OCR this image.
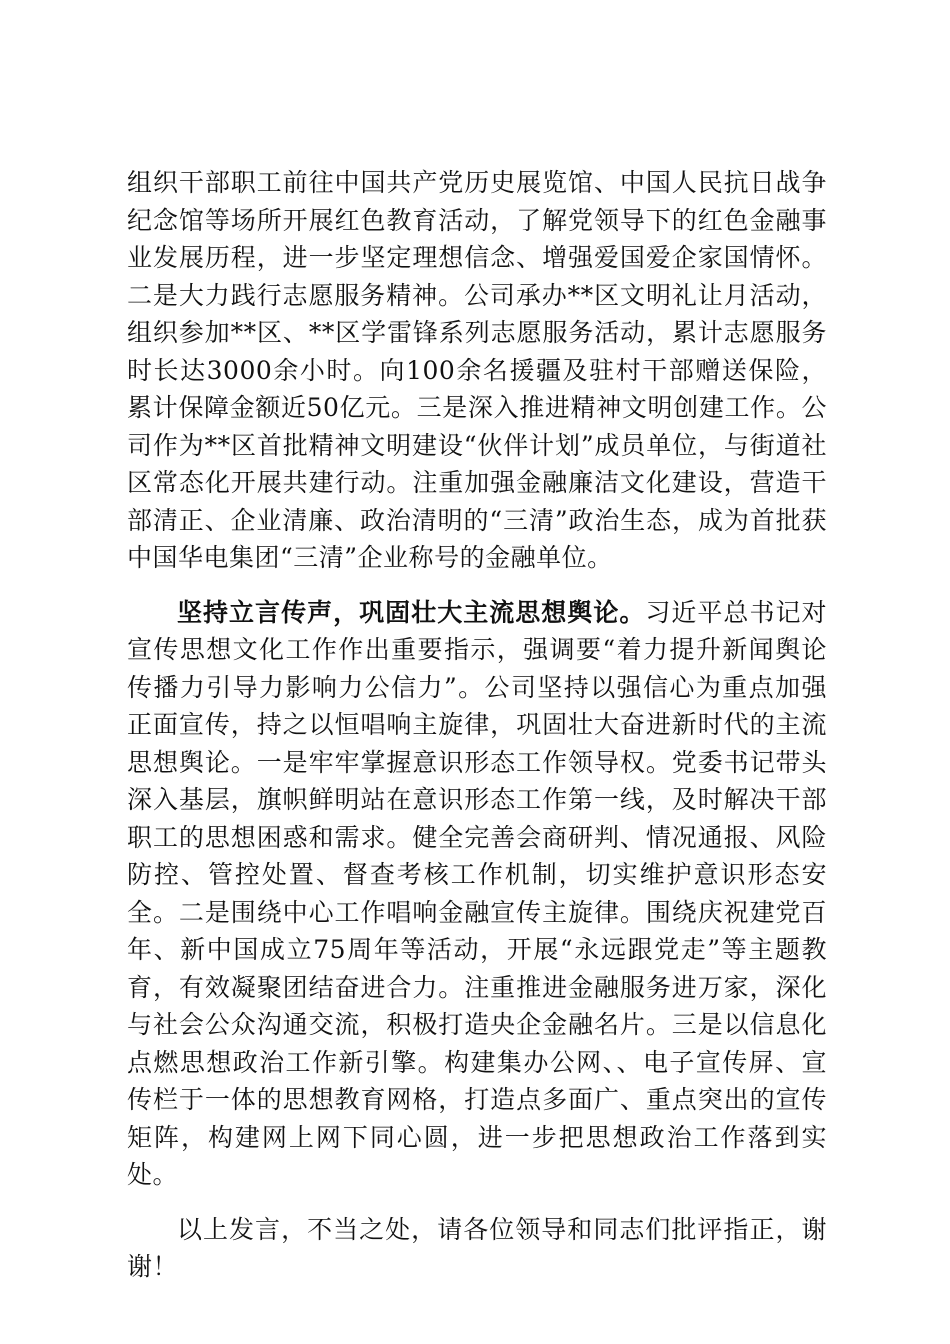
组织干部职工前往中国共产党历史展览馆、中国人民抗日战争纪念馆等场所开展红色教育活动，了解党领导下的红色金融事业发展历程，进一步坚定理想信念、增强爱国爱企家国情怀。二是大力践行志愿服务精神。公司承办**区文明礼让月活动，组织参加**区、**区学雷锋系列志愿服务活动，累计志愿服务时长达3000余小时。向100余名援疆及驻村干部赠送保险，累计保障金额近50亿元。三是深入推进精神文明创建工作。公司作为**区首批精神文明建设“伙伴计划”成员单位，与街道社区常态化开展共建行动。注重加强金融廉洁文化建设，营造干部清正、企业清廉、政治清明的“三清”政治生态，成为首批获中国华电集团“三清”企业称号的金融单位。

坚持立言传声，巩固壮大主流思想舆论。习近平总书记对宣传思想文化工作作出重要指示，强调要“着力提升新闻舆论传播力引导力影响力公信力”。公司坚持以强信心为重点加强正面宣传，持之以恒唱响主旋律，巩固壮大奋进新时代的主流思想舆论。一是牢牢掌握意识形态工作领导权。党委书记带头深入基层，旗帜鲜明站在意识形态工作第一线，及时解决干部职工的思想困惑和需求。健全完善会商研判、情况通报、风险防控、管控处置、督查考核工作机制，切实维护意识形态安全。二是围绕中心工作唱响金融宣传主旋律。围绕庆祝建党百年、新中国成立75周年等活动，开展“永远跟党走”等主题教育，有效凝聚团结奋进合力。注重推进金融服务进万家，深化与社会公众沟通交流，积极打造央企金融名片。三是以信息化点燃思想政治工作新引擎。构建集办公网、、电子宣传屏、宣传栏于一体的思想教育网格，打造点多面广、重点突出的宣传矩阵，构建网上网下同心圆，进一步把思想政治工作落到实处。

以上发言，不当之处，请各位领导和同志们批评指正，谢谢！
